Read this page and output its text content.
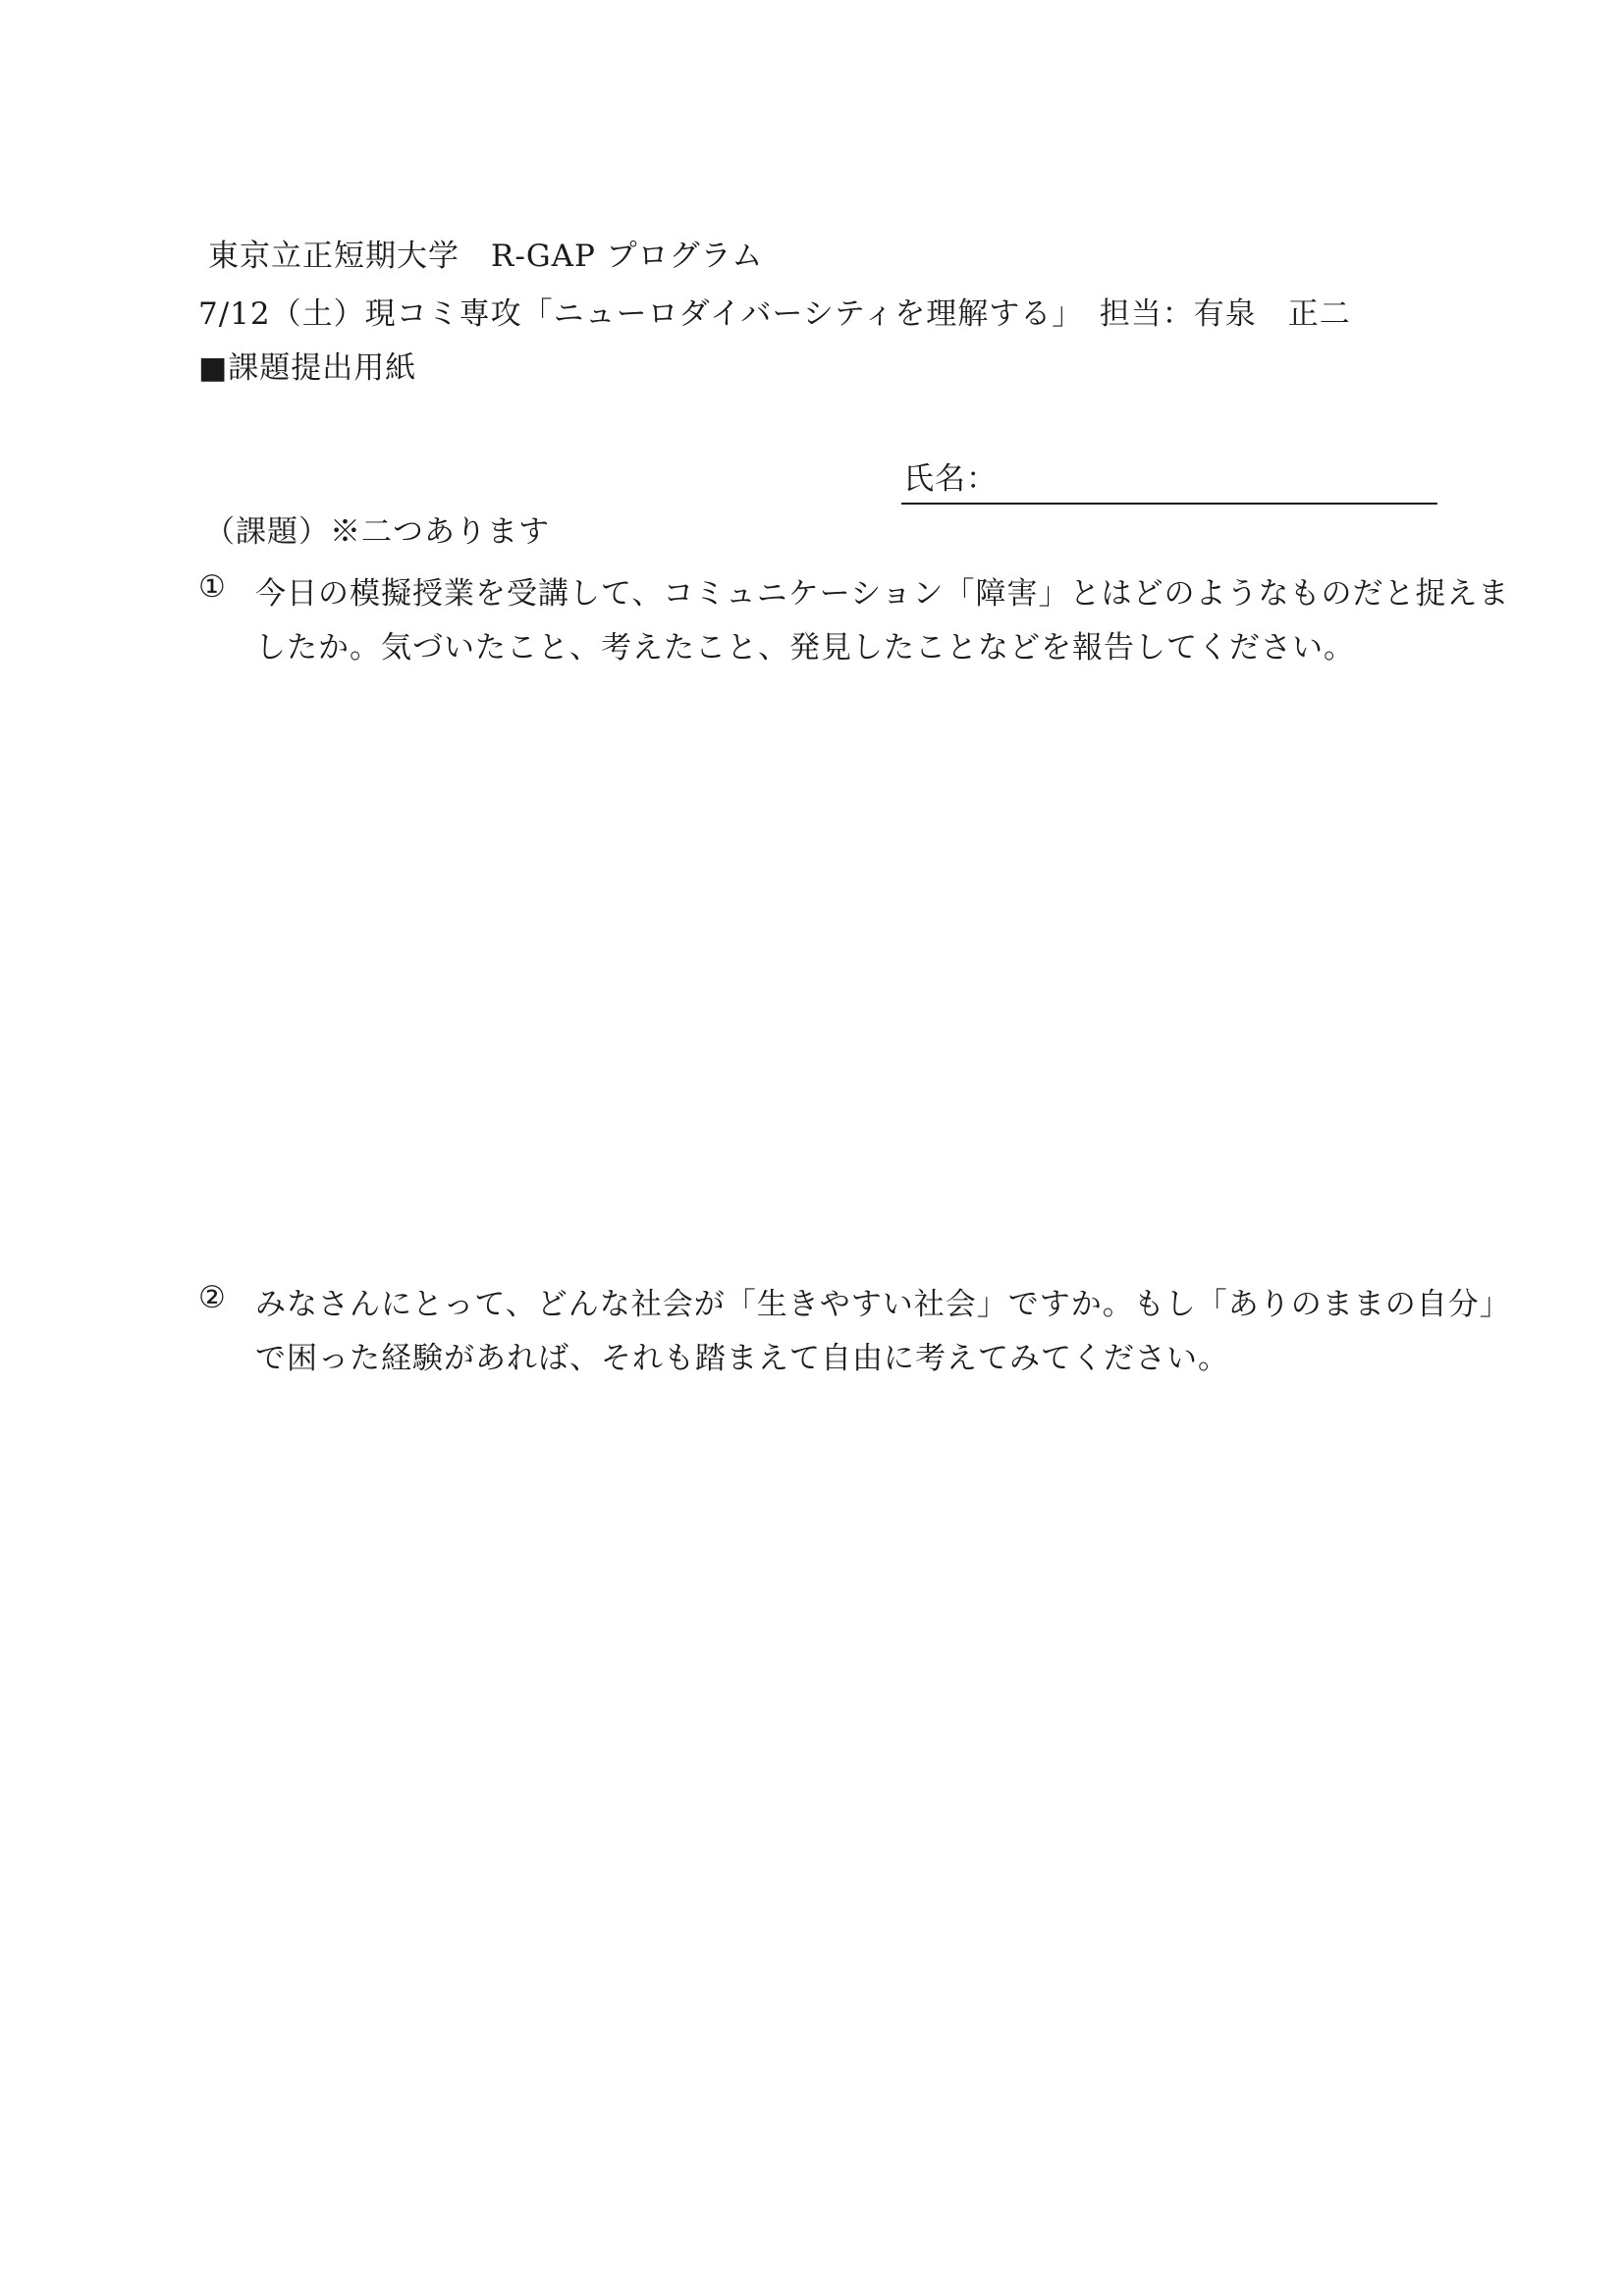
東京立正短期大学　R-GAP プログラム
7/12（土）現コミ専攻「ニューロダイバーシティを理解する」　担当：有泉　正二
■課題提出用紙
氏名：
（課題）※二つあります
① 今日の模擬授業を受講して、コミュニケーション「障害」とはどのようなものだと捉えま
したか。気づいたこと、考えたこと、発見したことなどを報告してください。
② みなさんにとって、どんな社会が「生きやすい社会」ですか。もし「ありのままの自分」
で困った経験があれば、それも踏まえて自由に考えてみてください。
